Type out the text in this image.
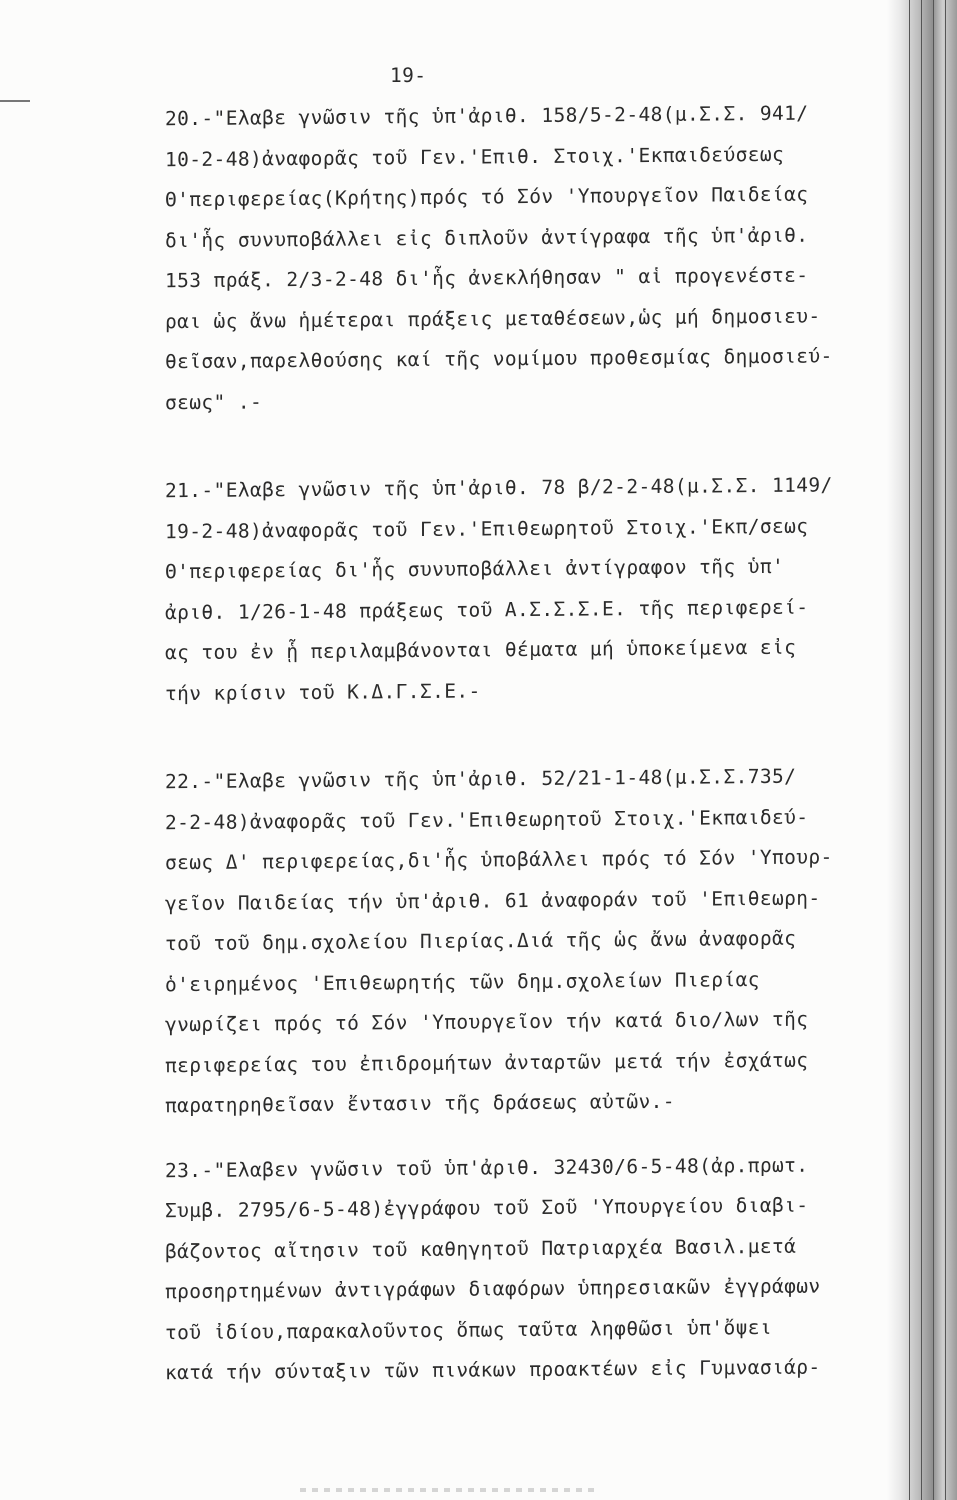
19-
20.-"Ελαβε γνῶσιν τῆς ὑπ'ἀριθ. 158/5-2-48(μ.Σ.Σ. 941/
10-2-48)ἀναφορᾶς τοῦ Γεν.'Επιθ. Στοιχ.'Εκπαιδεύσεως
Θ'περιφερείας(Κρήτης)πρός τό Σόν 'Υπουργεῖον Παιδείας
δι'ἧς συνυποβάλλει εἰς διπλοῦν ἀντίγραφα τῆς ὑπ'ἀριθ.
153 πράξ. 2/3-2-48 δι'ἧς ἀνεκλήθησαν " αἱ προγενέστε-
ραι ὡς ἄνω ἡμέτεραι πράξεις μεταθέσεων,ὡς μή δημοσιευ-
θεῖσαν,παρελθούσης καί τῆς νομίμου προθεσμίας δημοσιεύ-
σεως" .-
21.-"Ελαβε γνῶσιν τῆς ὑπ'ἀριθ. 78 β/2-2-48(μ.Σ.Σ. 1149/
19-2-48)ἀναφορᾶς τοῦ Γεν.'Επιθεωρητοῦ Στοιχ.'Εκπ/σεως
Θ'περιφερείας δι'ἧς συνυποβάλλει ἀντίγραφον τῆς ὑπ'
ἀριθ. 1/26-1-48 πράξεως τοῦ Α.Σ.Σ.Σ.Ε. τῆς περιφερεί-
ας του ἐν ᾗ περιλαμβάνονται θέματα μή ὑποκείμενα εἰς
τήν κρίσιν τοῦ Κ.Δ.Γ.Σ.Ε.-
22.-"Ελαβε γνῶσιν τῆς ὑπ'ἀριθ. 52/21-1-48(μ.Σ.Σ.735/
2-2-48)ἀναφορᾶς τοῦ Γεν.'Επιθεωρητοῦ Στοιχ.'Εκπαιδεύ-
σεως Δ' περιφερείας,δι'ἧς ὑποβάλλει πρός τό Σόν 'Υπουρ-
γεῖον Παιδείας τήν ὑπ'ἀριθ. 61 ἀναφοράν τοῦ 'Επιθεωρη-
τοῦ τοῦ δημ.σχολείου Πιερίας.Διά τῆς ὡς ἄνω ἀναφορᾶς
ὁ'ειρημένος 'Επιθεωρητής τῶν δημ.σχολείων Πιερίας
γνωρίζει πρός τό Σόν 'Υπουργεῖον τήν κατά διο/λων τῆς
περιφερείας του ἐπιδρομήτων ἀνταρτῶν μετά τήν ἐσχάτως
παρατηρηθεῖσαν ἔντασιν τῆς δράσεως αὐτῶν.-
23.-"Ελαβεν γνῶσιν τοῦ ὑπ'ἀριθ. 32430/6-5-48(ἀρ.πρωτ.
Συμβ. 2795/6-5-48)ἐγγράφου τοῦ Σοῦ 'Υπουργείου διαβι-
βάζοντος αἴτησιν τοῦ καθηγητοῦ Πατριαρχέα Βασιλ.μετά
προσηρτημένων ἀντιγράφων διαφόρων ὑπηρεσιακῶν ἐγγράφων
τοῦ ἰδίου,παρακαλοῦντος ὅπως ταῦτα ληφθῶσι ὑπ'ὄψει
κατά τήν σύνταξιν τῶν πινάκων προακτέων εἰς Γυμνασιάρ-
